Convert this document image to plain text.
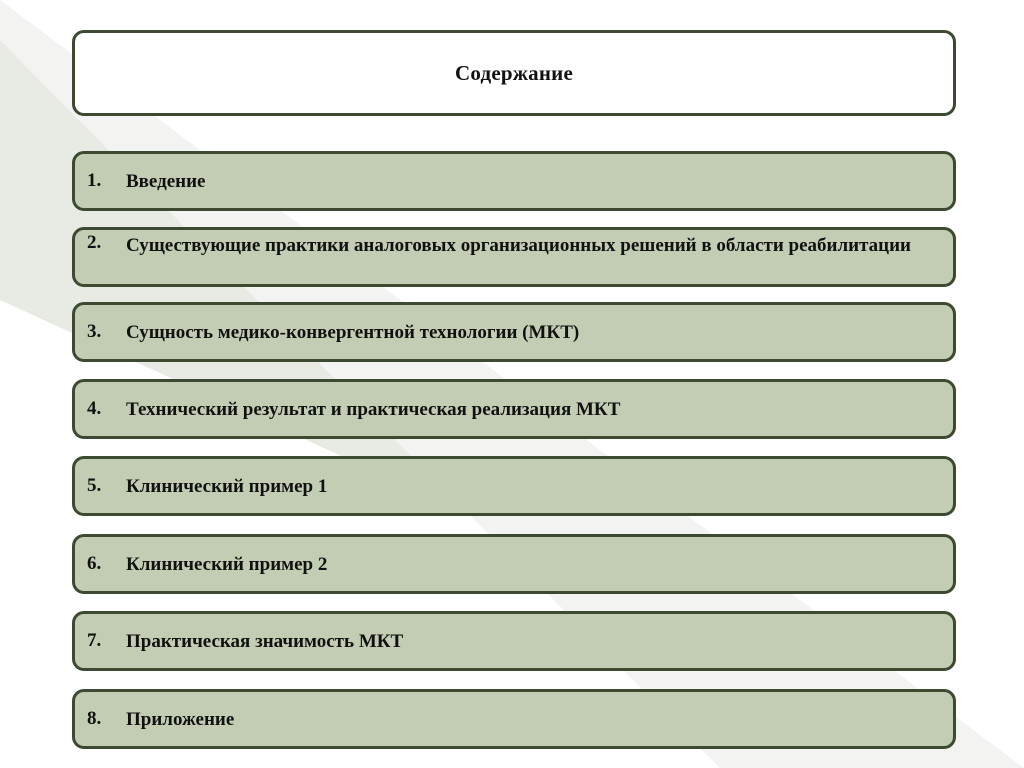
Содержание
1.	Введение
2.	Существующие практики аналоговых организационных решений в области реабилитации
3.	Сущность медико-конвергентной технологии (МКТ)
4.	Технический результат и практическая реализация МКТ
5.	Клинический пример 1
6.	Клинический пример 2
7.	Практическая значимость МКТ
8.	Приложение
